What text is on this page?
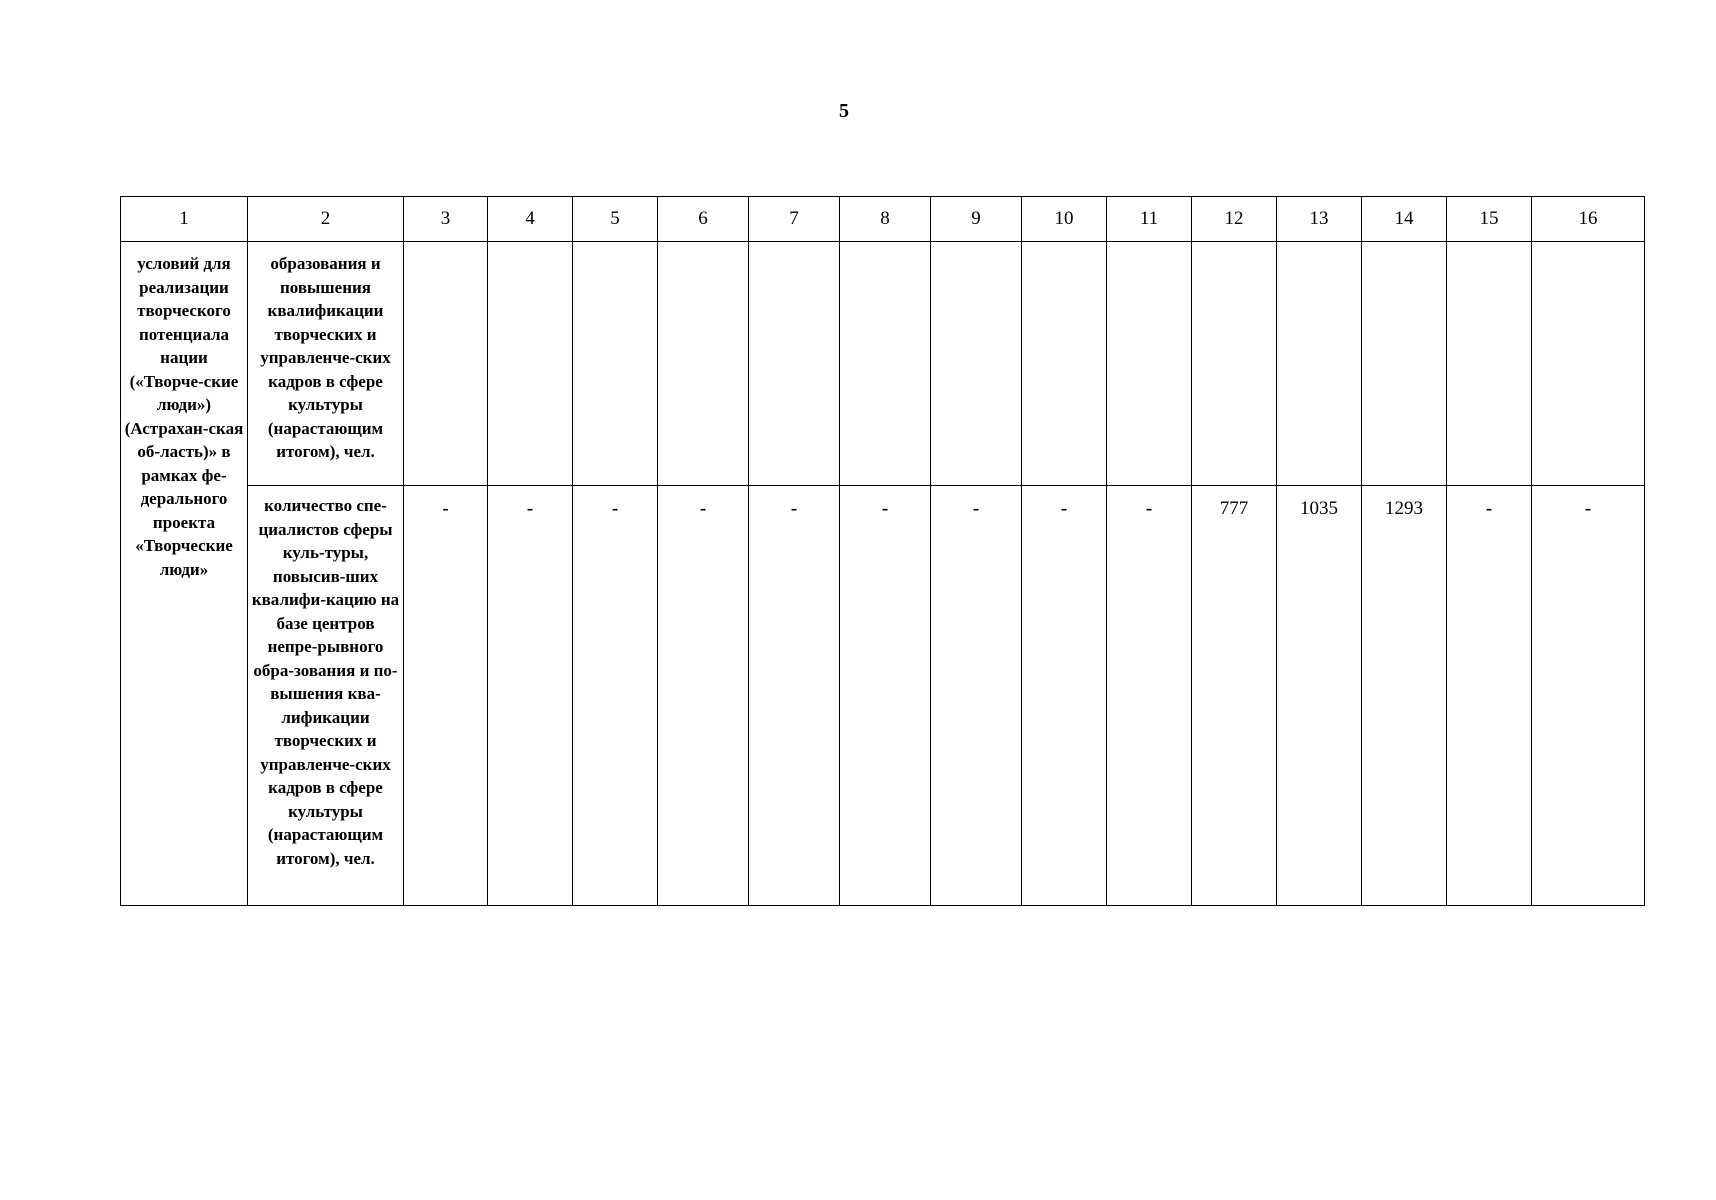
5
1	2	3	4	5	6	7	8	9	10	11	12	13	14	15	16

условий для реализации творческого потенциала нации («Творче-ские люди») (Астрахан-ская об-ласть)» в рамках фе-дерального проекта «Творческие люди»	образования и повышения квалификации творческих и управленче-ских кадров в сфере культуры (нарастающим итогом), чел.														

	количество спе-циалистов сферы куль-туры, повысив-ших квалифи-кацию на базе центров непре-рывного обра-зования и по-вышения ква-лификации творческих и управленче-ских кадров в сфере культуры (нарастающим итогом), чел.	-	-	-	-	-	-	-	-	-	777	1035	1293	-	-
